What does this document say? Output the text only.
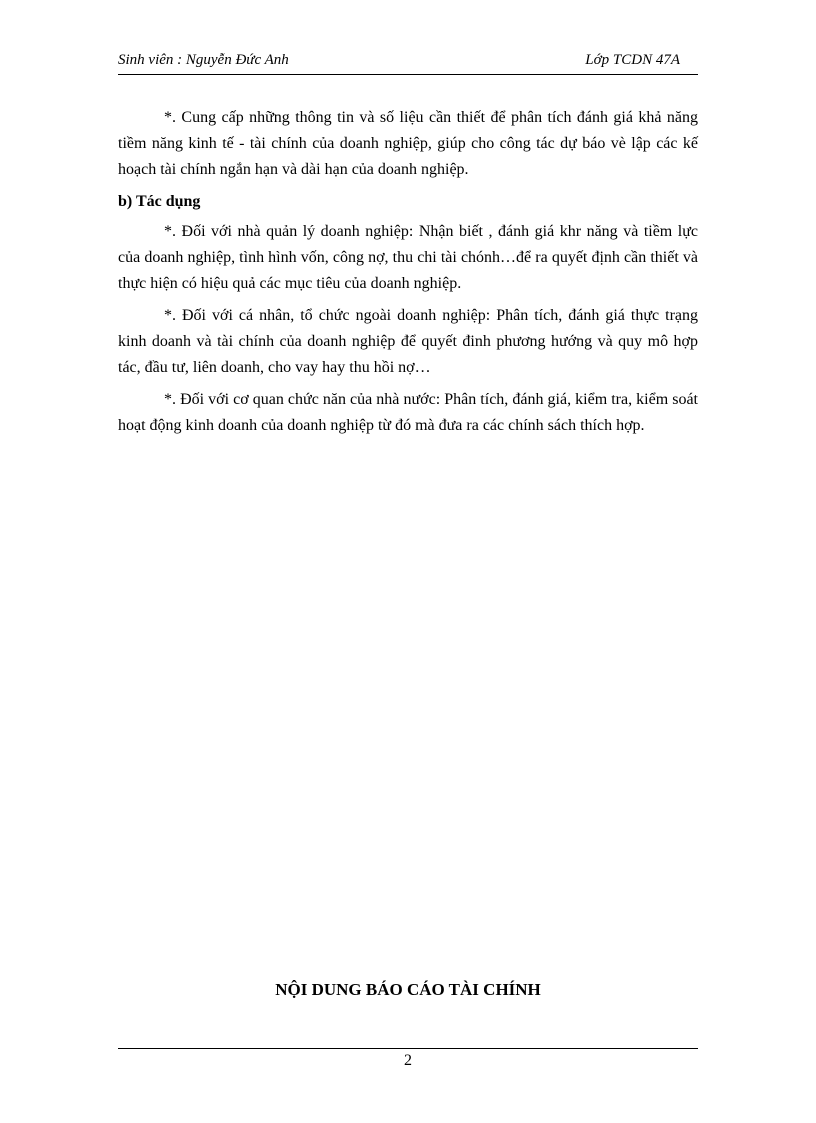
Sinh viên : Nguyễn Đức Anh	Lớp TCDN 47A

*. Cung cấp những thông tin và số liệu cần thiết để phân tích đánh giá khả năng tiềm năng kinh tế - tài chính của doanh nghiệp, giúp cho công tác dự báo vè lập các kế hoạch tài chính ngắn hạn và dài hạn của doanh nghiệp.

b) Tác dụng

*. Đối với nhà quản lý doanh nghiệp: Nhận biết , đánh giá khr năng và tiềm lực của doanh nghiệp, tình hình vốn, công nợ, thu chi tài chónh…để ra quyết định cần thiết và thực hiện có hiệu quả các mục tiêu của doanh nghiệp.

*. Đối với cá nhân, tổ chức ngoài doanh nghiệp: Phân tích, đánh giá thực trạng kinh doanh và tài chính của doanh nghiệp để quyết đinh phương hướng và quy mô hợp tác, đầu tư, liên doanh, cho vay hay thu hồi nợ…

*. Đối với cơ quan chức năn của nhà nước: Phân tích, đánh giá, kiểm tra, kiểm soát hoạt động kinh doanh của doanh nghiệp từ đó mà đưa ra các chính sách thích hợp.

NỘI DUNG BÁO CÁO TÀI CHÍNH
2
